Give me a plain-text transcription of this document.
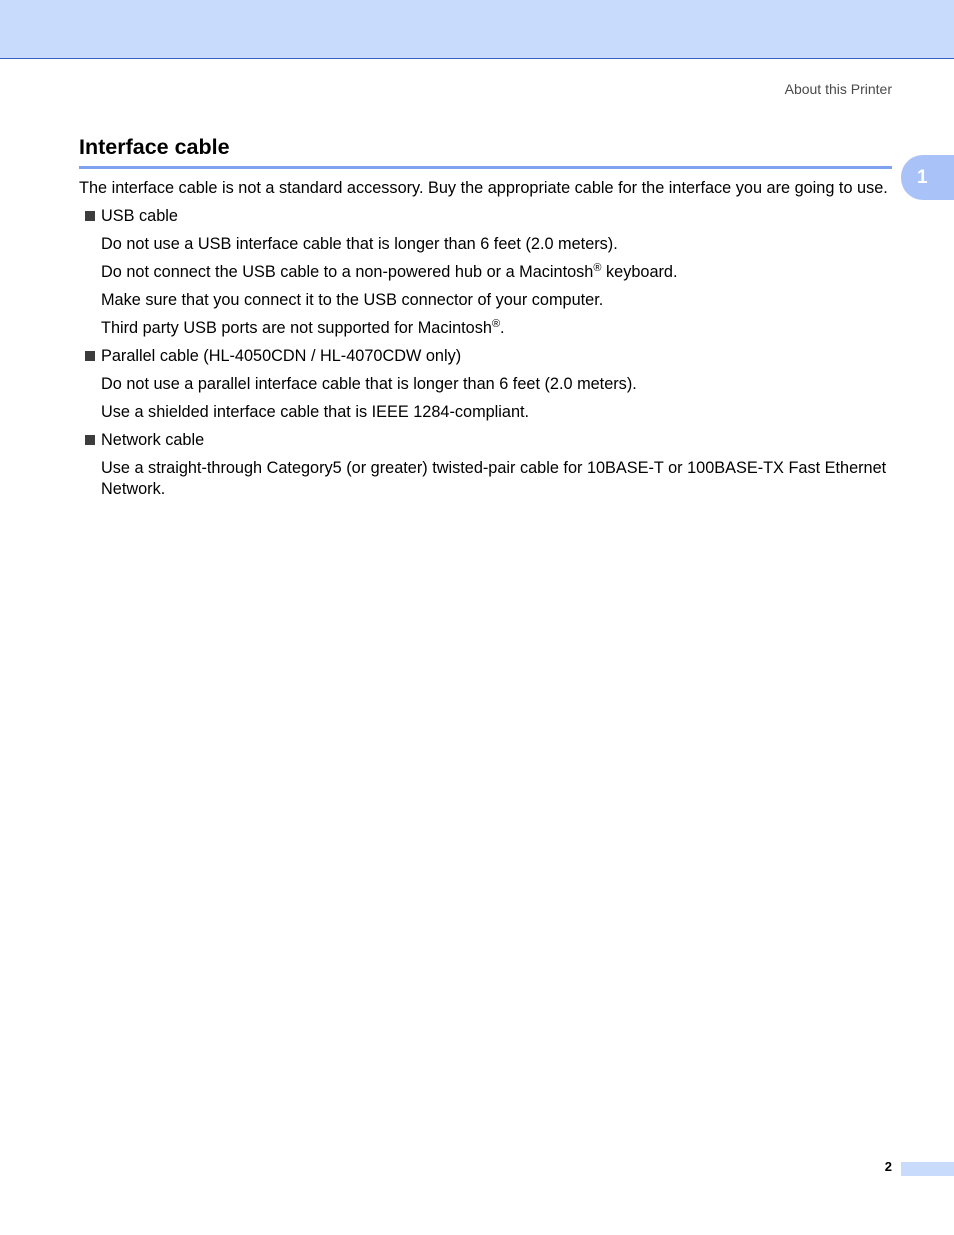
About this Printer
Interface cable
1

The interface cable is not a standard accessory. Buy the appropriate cable for the interface you are going to use.

USB cable

Do not use a USB interface cable that is longer than 6 feet (2.0 meters).

Do not connect the USB cable to a non-powered hub or a Macintosh® keyboard.

Make sure that you connect it to the USB connector of your computer.

Third party USB ports are not supported for Macintosh®.

Parallel cable (HL-4050CDN / HL-4070CDW only)

Do not use a parallel interface cable that is longer than 6 feet (2.0 meters).

Use a shielded interface cable that is IEEE 1284-compliant.

Network cable

Use a straight-through Category5 (or greater) twisted-pair cable for 10BASE-T or 100BASE-TX Fast Ethernet Network.

2
